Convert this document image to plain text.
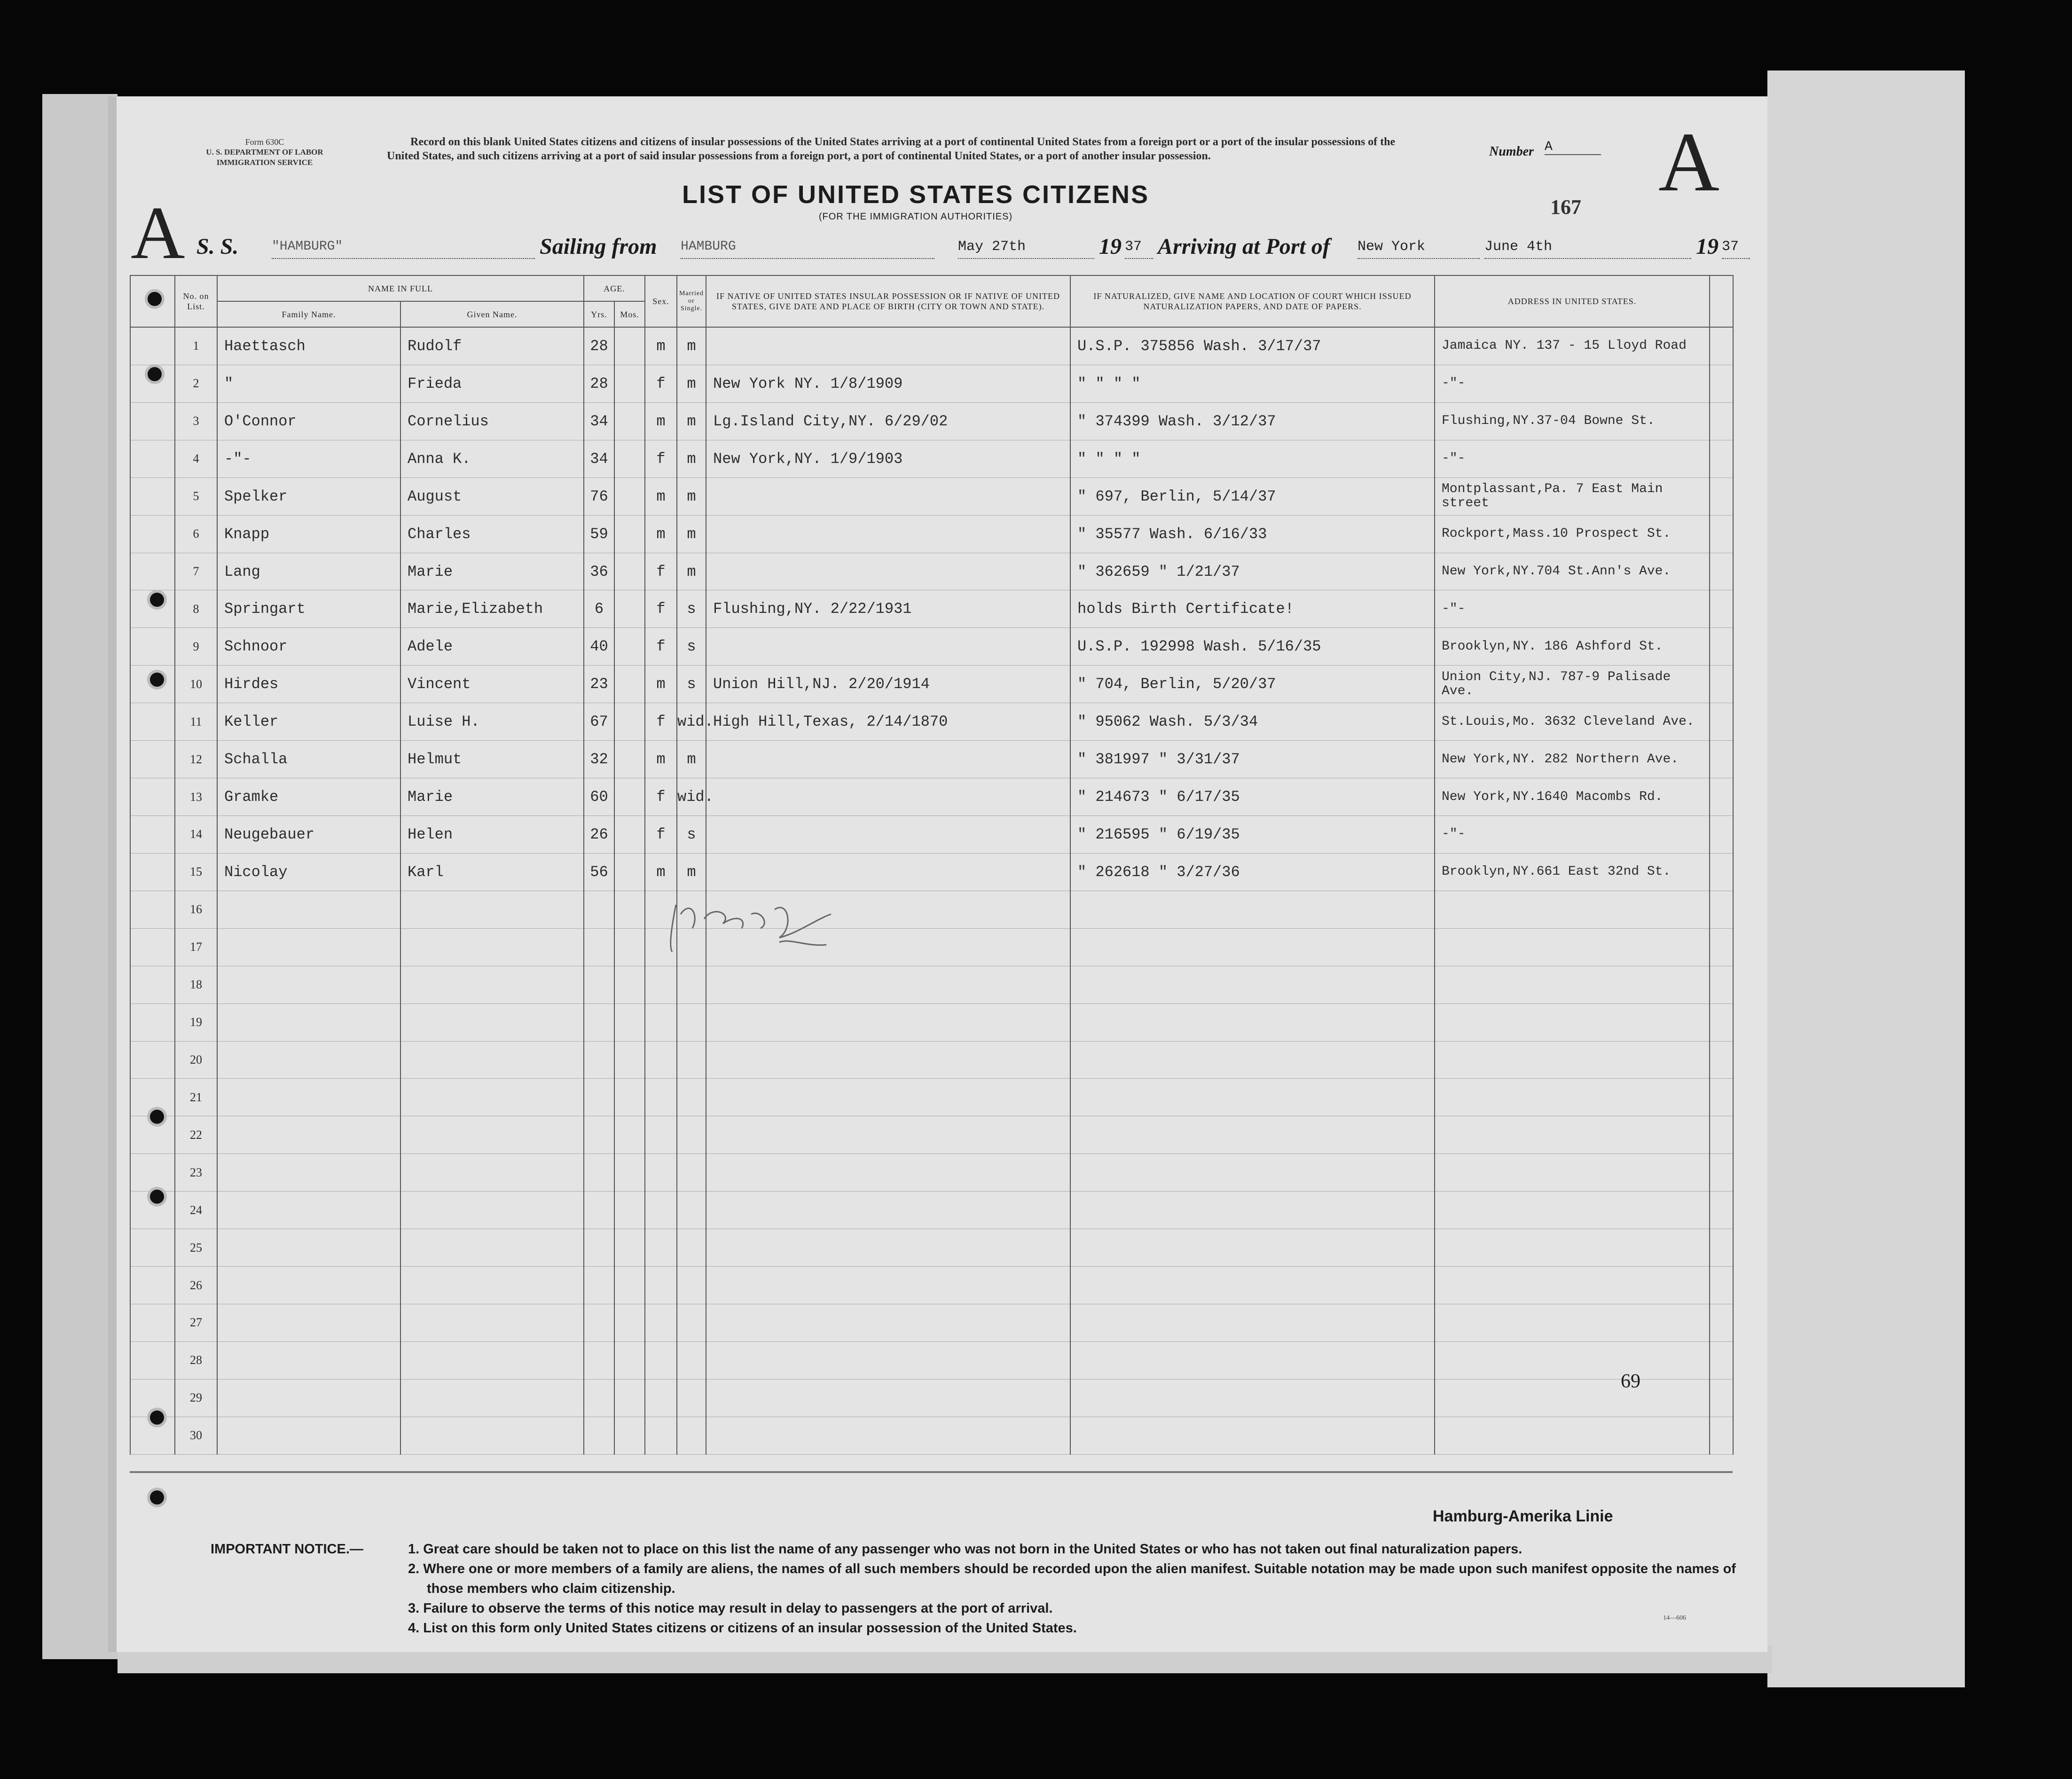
Form 630C
U. S. DEPARTMENT OF LABOR
IMMIGRATION SERVICE
Record on this blank United States citizens and citizens of insular possessions of the United States arriving at a port of continental United States from a foreign port or a port of the insular possessions of the United States, and such citizens arriving at a port of said insular possessions from a foreign port, a port of continental United States, or a port of another insular possession.	Number A	A
A	LIST OF UNITED STATES CITIZENS
(FOR THE IMMIGRATION AUTHORITIES)	167
S. S.	"HAMBURG"	Sailing from HAMBURG	May 27th	19 37 Arriving at Port of New York	June 4th	19 37
	No. on List.	NAME IN FULL		AGE.		Sex.	Married or Single.	IF NATIVE OF UNITED STATES INSULAR POSSESSION OR IF NATIVE OF UNITED STATES, GIVE DATE AND PLACE OF BIRTH (CITY OR TOWN AND STATE).	IF NATURALIZED, GIVE NAME AND LOCATION OF COURT WHICH ISSUED NATURALIZATION PAPERS, AND DATE OF PAPERS.	ADDRESS IN UNITED STATES.	
		Family Name.	Given Name.	Yrs.	Mos.						
	1	Haettasch	Rudolf	28		m	m		U.S.P. 375856 Wash. 3/17/37	Jamaica NY. 137 - 15 Lloyd Road	
	2	"	Frieda	28		f	m	New York NY. 1/8/1909	" " " "	-"-	
	3	O'Connor	Cornelius	34		m	m	Lg.Island City,NY. 6/29/02	" 374399 Wash. 3/12/37	Flushing,NY.37-04 Bowne St.	
	4	-"-	Anna K.	34		f	m	New York,NY. 1/9/1903	" " " "	-"-	
	5	Spelker	August	76		m	m		" 697, Berlin, 5/14/37	Montplassant,Pa. 7 East Main street	
	6	Knapp	Charles	59		m	m		" 35577 Wash. 6/16/33	Rockport,Mass.10 Prospect St.	
	7	Lang	Marie	36		f	m		" 362659 " 1/21/37	New York,NY.704 St.Ann's Ave.	
	8	Springart	Marie,Elizabeth	6		f	s	Flushing,NY. 2/22/1931	holds Birth Certificate!	-"-	
	9	Schnoor	Adele	40		f	s		U.S.P. 192998 Wash. 5/16/35	Brooklyn,NY. 186 Ashford St.	
	10	Hirdes	Vincent	23		m	s	Union Hill,NJ. 2/20/1914	" 704, Berlin, 5/20/37	Union City,NJ. 787-9 Palisade Ave.	
	11	Keller	Luise H.	67		f	wid.	High Hill,Texas, 2/14/1870	" 95062 Wash. 5/3/34	St.Louis,Mo. 3632 Cleveland Ave.	
	12	Schalla	Helmut	32		m	m		" 381997 " 3/31/37	New York,NY. 282 Northern Ave.	
	13	Gramke	Marie	60		f	wid.		" 214673 " 6/17/35	New York,NY.1640 Macombs Rd.	
	14	Neugebauer	Helen	26		f	s		" 216595 " 6/19/35	-"-	
	15	Nicolay	Karl	56		m	m		" 262618 " 3/27/36	Brooklyn,NY.661 East 32nd St.	
	16										
	17										
	18										
	19										
	20										
	21										
	22										
	23										
	24										
	25										
	26										
	27										
	28										
	29										
	30										
69
Hamburg-Amerika Linie
IMPORTANT NOTICE.—	1. Great care should be taken not to place on this list the name of any passenger who was not born in the United States or who has not taken out final naturalization papers.
2. Where one or more members of a family are aliens, the names of all such members should be recorded upon the alien manifest. Suitable notation may be made upon such manifest opposite the names of those members who claim citizenship.
3. Failure to observe the terms of this notice may result in delay to passengers at the port of arrival.
4. List on this form only United States citizens or citizens of an insular possession of the United States.
14—606
